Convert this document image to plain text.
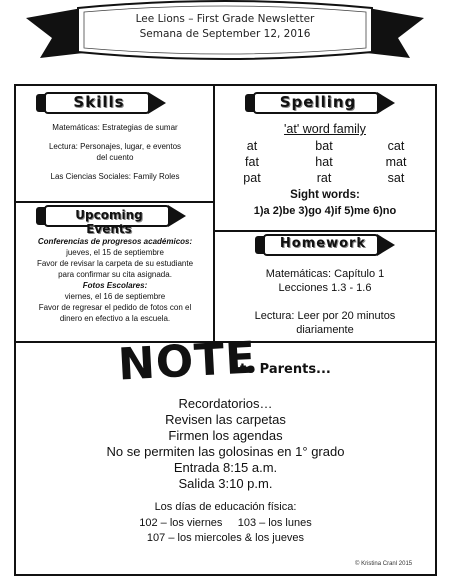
Lee Lions – First Grade Newsletter
Semana de September 12, 2016
Skills
Matemáticas: Estrategias de sumar
Lectura: Personajes, lugar, e eventos
del cuento
Las Ciencias Sociales: Family Roles
Spelling
'at' word family
at	bat	cat
fat	hat	mat
pat	rat	sat
Sight words:
1)a 2)be 3)go 4)if 5)me 6)no
Upcoming Events
Conferencias de progresos académicos:
jueves, el 15 de septiembre
Favor de revisar la carpeta de su estudiante
para confirmar su cita asignada.
Fotos Escolares:
viernes, el 16 de septiembre
Favor de regresar el pedido de fotos con el
dinero en efectivo a la escuela.
Homework
Matemáticas: Capítulo 1
Lecciones 1.3 - 1.6
Lectura: Leer por 20 minutos
diariamente
NOTE
to Parents...
Recordatorios…
Revisen las carpetas
Firmen los agendas
No se permiten las golosinas en 1° grado
Entrada 8:15 a.m.
Salida 3:10 p.m.
Los días de educación física:
102 – los viernes     103 – los lunes
107 – los miercoles & los jueves
© Kristina Cranl 2015
